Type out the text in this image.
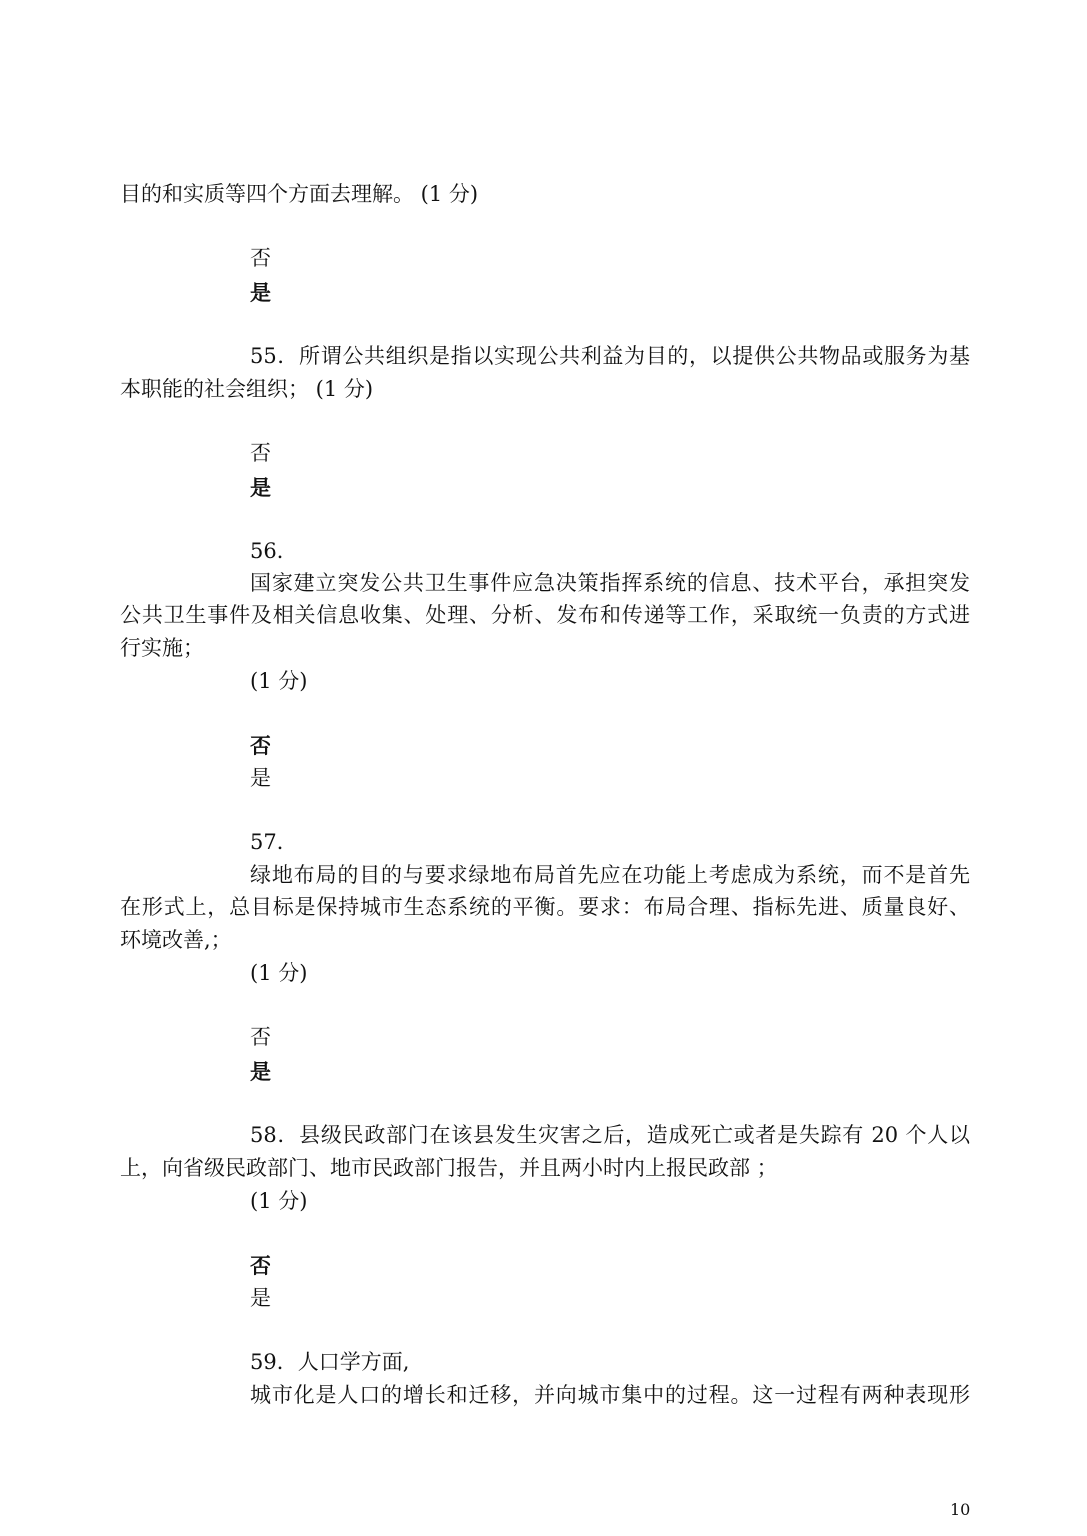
目的和实质等四个方面去理解。 (1 分)
否
是
55．所谓公共组织是指以实现公共利益为目的，以提供公共物品或服务为基
本职能的社会组织； (1 分)
否
是
56．
国家建立突发公共卫生事件应急决策指挥系统的信息、技术平台，承担突发
公共卫生事件及相关信息收集、处理、分析、发布和传递等工作，采取统一负责的方式进
行实施；
(1 分)
否
是
57．
绿地布局的目的与要求绿地布局首先应在功能上考虑成为系统，而不是首先
在形式上，总目标是保持城市生态系统的平衡。要求：布局合理、指标先进、质量良好、
环境改善,；
(1 分)
否
是
58．县级民政部门在该县发生灾害之后，造成死亡或者是失踪有 20 个人以
上，向省级民政部门、地市民政部门报告，并且两小时内上报民政部 ；
(1 分)
否
是
59．人口学方面,
城市化是人口的增长和迁移，并向城市集中的过程。这一过程有两种表现形
10
